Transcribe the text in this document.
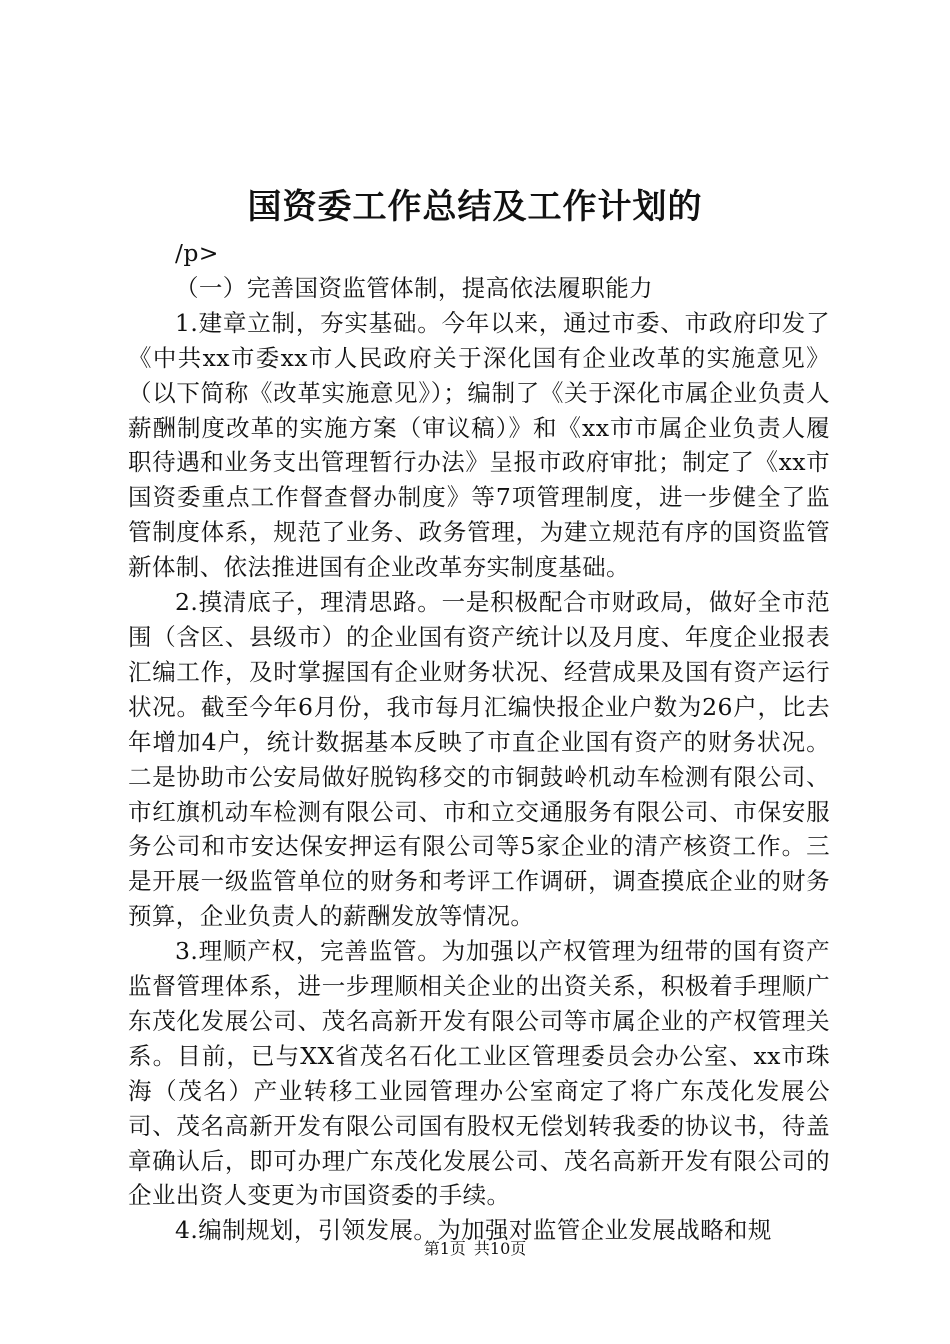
国资委工作总结及工作计划的

/p>

（一）完善国资监管体制，提高依法履职能力

1.建章立制，夯实基础。今年以来，通过市委、市政府印发了《中共xx市委xx市人民政府关于深化国有企业改革的实施意见》（以下简称《改革实施意见》）；编制了《关于深化市属企业负责人薪酬制度改革的实施方案（审议稿）》和《xx市市属企业负责人履职待遇和业务支出管理暂行办法》呈报市政府审批；制定了《xx市国资委重点工作督查督办制度》等7项管理制度，进一步健全了监管制度体系，规范了业务、政务管理，为建立规范有序的国资监管新体制、依法推进国有企业改革夯实制度基础。

2.摸清底子，理清思路。一是积极配合市财政局，做好全市范围（含区、县级市）的企业国有资产统计以及月度、年度企业报表汇编工作，及时掌握国有企业财务状况、经营成果及国有资产运行状况。截至今年6月份，我市每月汇编快报企业户数为26户，比去年增加4户，统计数据基本反映了市直企业国有资产的财务状况。二是协助市公安局做好脱钩移交的市铜鼓岭机动车检测有限公司、市红旗机动车检测有限公司、市和立交通服务有限公司、市保安服务公司和市安达保安押运有限公司等5家企业的清产核资工作。三是开展一级监管单位的财务和考评工作调研，调查摸底企业的财务预算，企业负责人的薪酬发放等情况。

3.理顺产权，完善监管。为加强以产权管理为纽带的国有资产监督管理体系，进一步理顺相关企业的出资关系，积极着手理顺广东茂化发展公司、茂名高新开发有限公司等市属企业的产权管理关系。目前，已与XX省茂名石化工业区管理委员会办公室、xx市珠海（茂名）产业转移工业园管理办公室商定了将广东茂化发展公司、茂名高新开发有限公司国有股权无偿划转我委的协议书，待盖章确认后，即可办理广东茂化发展公司、茂名高新开发有限公司的企业出资人变更为市国资委的手续。

4.编制规划，引领发展。为加强对监管企业发展战略和规

第1页 共10页
